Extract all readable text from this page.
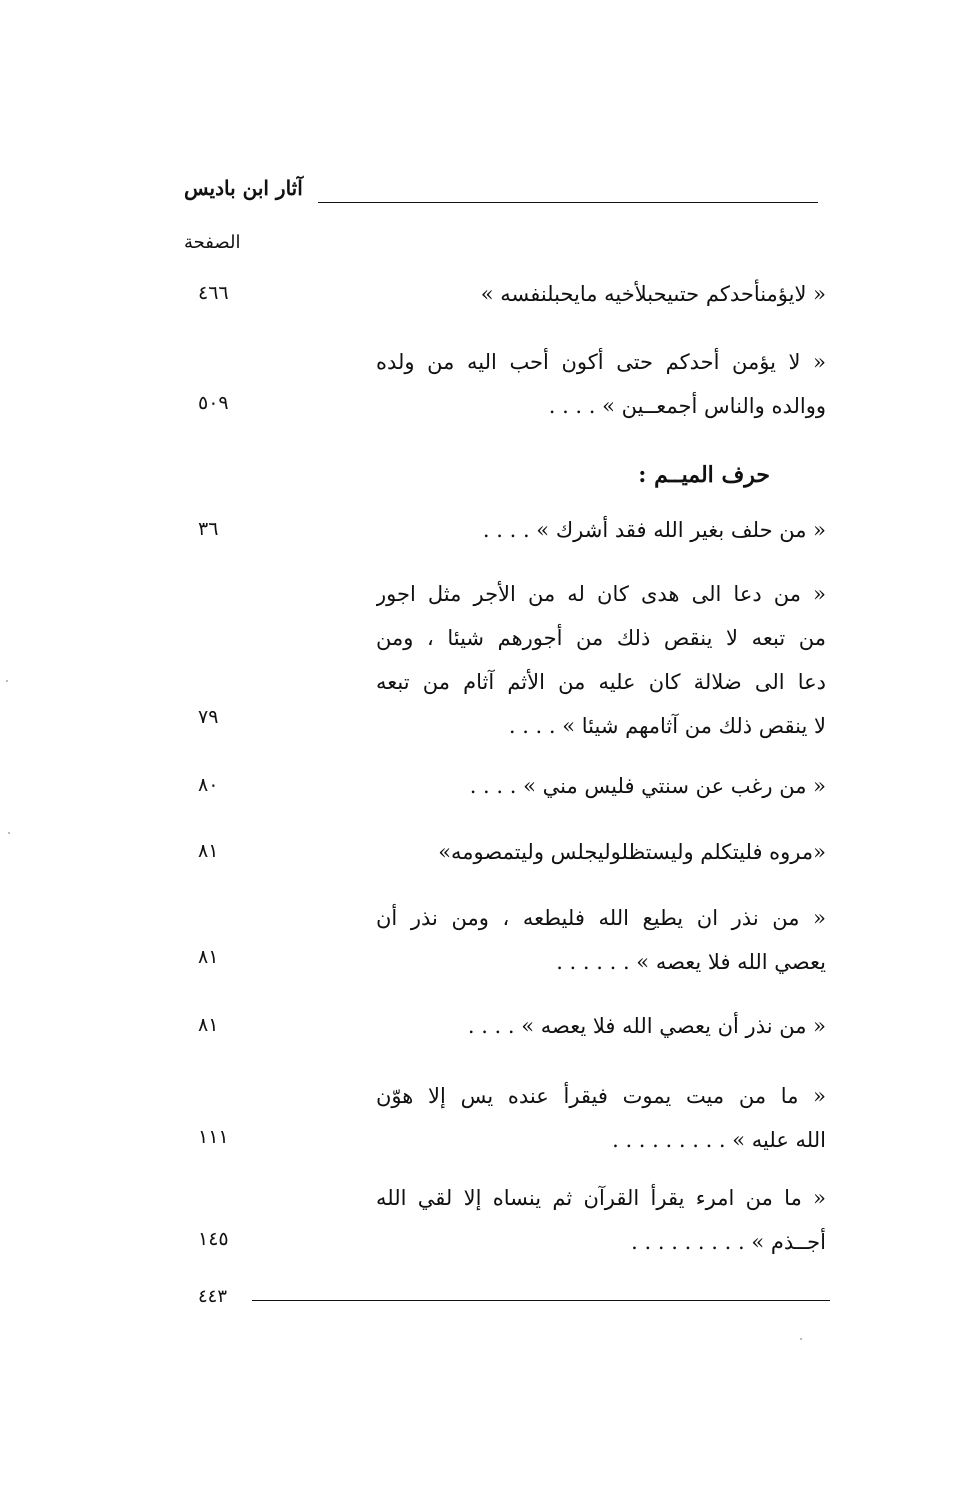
آثار ابن باديس
الصفحة
« لايؤمنأحدكم حتىيحبلأخيه مايحبلنفسه »
٤٦٦
« لا يؤمن أحدكم حتى أكون أحب اليه من ولده
ووالده والناس أجمعــين » . . . .
٥٠٩
حرف الميــم :
« من حلف بغير الله فقد أشرك » . . . .
٣٦
« من دعا الى هدى كان له من الأجر مثل اجور
من تبعه لا ينقص ذلك من أجورهم شيئا ، ومن
دعا الى ضلالة كان عليه من الأثم آثام من تبعه
لا ينقص ذلك من آثامهم شيئا » . . . .
٧٩
« من رغب عن سنتي فليس مني » . . . .
٨٠
«مروه فليتكلم وليستظلوليجلس وليتمصومه»
٨١
« من نذر ان يطيع الله فليطعه ، ومن نذر أن
يعصي الله فلا يعصه » . . . . . .
٨١
« من نذر أن يعصي الله فلا يعصه » . . . .
٨١
« ما من ميت يموت فيقرأ عنده يس إلا هوّن
الله عليه » . . . . . . . . .
١١١
« ما من امرء يقرأ القرآن ثم ينساه إلا لقي الله
أجــذم » . . . . . . . . .
١٤٥
٤٤٣
